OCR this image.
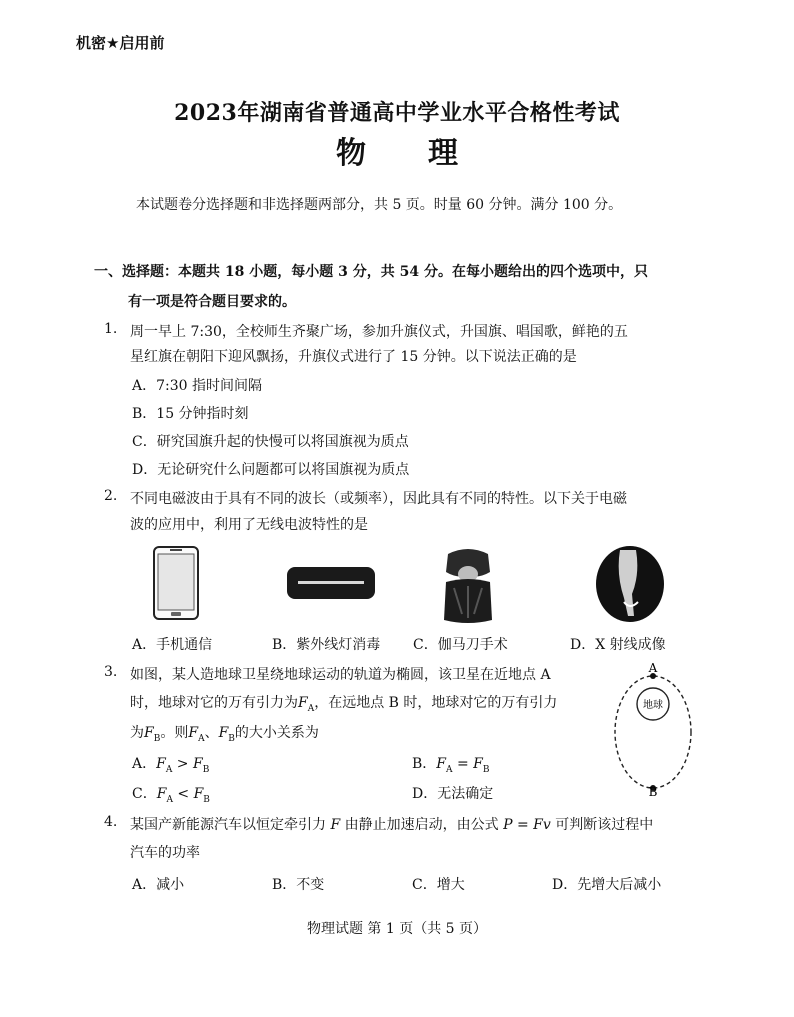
机密★启用前
2023年湖南省普通高中学业水平合格性考试
物理
本试题卷分选择题和非选择题两部分，共 5 页。时量 60 分钟。满分 100 分。
一、选择题：本题共 18 小题，每小题 3 分，共 54 分。在每小题给出的四个选项中，只
有一项是符合题目要求的。
1. 周一早上 7:30，全校师生齐聚广场，参加升旗仪式，升国旗、唱国歌，鲜艳的五
星红旗在朝阳下迎风飘扬，升旗仪式进行了 15 分钟。以下说法正确的是
A．7:30 指时间间隔
B．15 分钟指时刻
C．研究国旗升起的快慢可以将国旗视为质点
D．无论研究什么问题都可以将国旗视为质点
2. 不同电磁波由于具有不同的波长（或频率），因此具有不同的特性。以下关于电磁
波的应用中，利用了无线电波特性的是
A．手机通信	B．紫外线灯消毒 C．伽马刀手术	D．X 射线成像
3. 如图，某人造地球卫星绕地球运动的轨道为椭圆，该卫星在近地点 A
时，地球对它的万有引力为$F_A$，在远地点 B 时，地球对它的万有引力
为$F_B$。则$F_A$、$F_B$的大小关系为
A．$F_A > F_B$	B．$F_A = F_B$
C．$F_A < F_B$	D．无法确定
A
地球
B
4. 某国产新能源汽车以恒定牵引力 F 由静止加速启动，由公式 P = Fv 可判断该过程中
汽车的功率
A．减小	B．不变	C．增大	D．先增大后减小
物理试题 第 1 页（共 5 页）
